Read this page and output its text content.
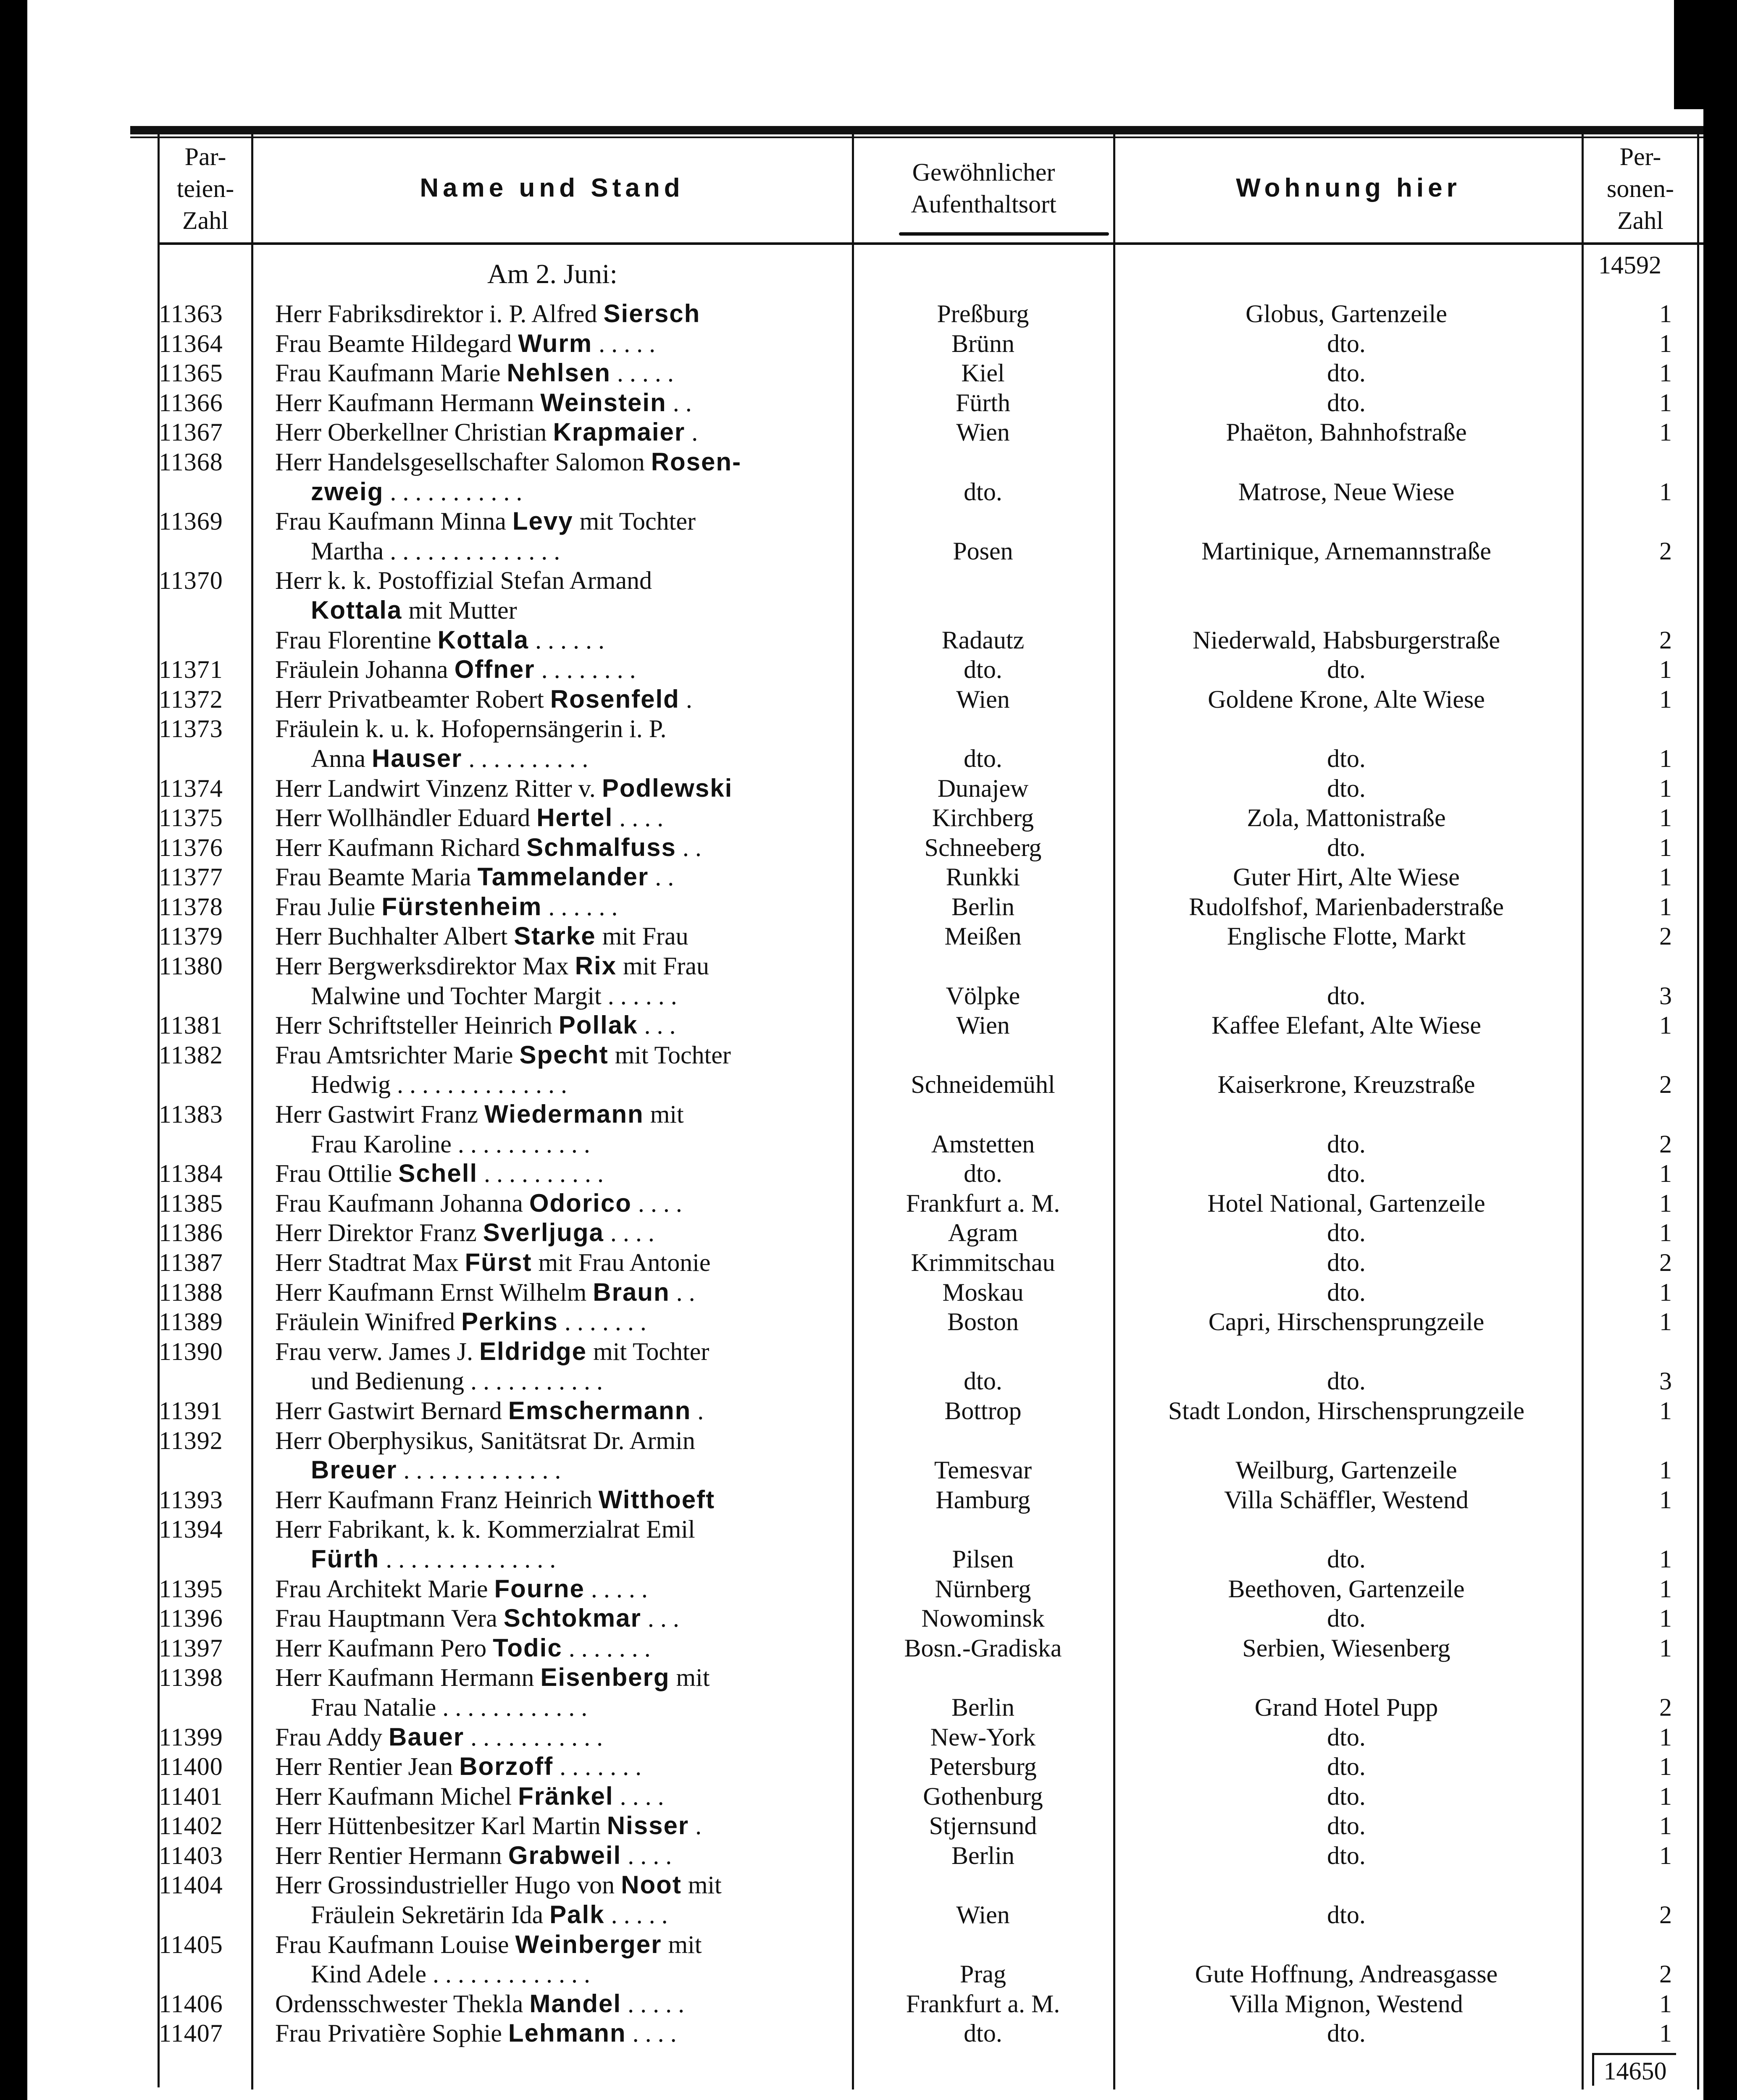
Par-
teien-
Zahl
Name und Stand
Gewöhnlicher
Aufenthaltsort
Wohnung hier
Per-
sonen-
Zahl
Am 2. Juni:	14592
11363	Herr Fabriksdirektor i. P. Alfred Siersch	Preßburg	Globus, Gartenzeile	1
11364	Frau Beamte Hildegard Wurm . . . . .	Brünn	dto.	1
11365	Frau Kaufmann Marie Nehlsen . . . . .	Kiel	dto.	1
11366	Herr Kaufmann Hermann Weinstein . .	Fürth	dto.	1
11367	Herr Oberkellner Christian Krapmaier .	Wien	Phaëton, Bahnhofstraße	1
11368	Herr Handelsgesellschafter Salomon Rosen-
zweig . . . . . . . . . . .	dto.	Matrose, Neue Wiese	1
11369	Frau Kaufmann Minna Levy mit Tochter
Martha . . . . . . . . . . . . . .	Posen	Martinique, Arnemannstraße	2
11370	Herr k. k. Postoffizial Stefan Armand
Kottala mit Mutter
Frau Florentine Kottala . . . . . .	Radautz	Niederwald, Habsburgerstraße	2
11371	Fräulein Johanna Offner . . . . . . . .	dto.	dto.	1
11372	Herr Privatbeamter Robert Rosenfeld .	Wien	Goldene Krone, Alte Wiese	1
11373	Fräulein k. u. k. Hofopernsängerin i. P.
Anna Hauser . . . . . . . . . .	dto.	dto.	1
11374	Herr Landwirt Vinzenz Ritter v. Podlewski	Dunajew	dto.	1
11375	Herr Wollhändler Eduard Hertel . . . .	Kirchberg	Zola, Mattonistraße	1
11376	Herr Kaufmann Richard Schmalfuss . .	Schneeberg	dto.	1
11377	Frau Beamte Maria Tammelander . .	Runkki	Guter Hirt, Alte Wiese	1
11378	Frau Julie Fürstenheim . . . . . .	Berlin	Rudolfshof, Marienbaderstraße	1
11379	Herr Buchhalter Albert Starke mit Frau	Meißen	Englische Flotte, Markt	2
11380	Herr Bergwerksdirektor Max Rix mit Frau
Malwine und Tochter Margit . . . . . .	Völpke	dto.	3
11381	Herr Schriftsteller Heinrich Pollak . . .	Wien	Kaffee Elefant, Alte Wiese	1
11382	Frau Amtsrichter Marie Specht mit Tochter
Hedwig . . . . . . . . . . . . . .	Schneidemühl	Kaiserkrone, Kreuzstraße	2
11383	Herr Gastwirt Franz Wiedermann mit
Frau Karoline . . . . . . . . . . .	Amstetten	dto.	2
11384	Frau Ottilie Schell . . . . . . . . . .	dto.	dto.	1
11385	Frau Kaufmann Johanna Odorico . . . .	Frankfurt a. M.	Hotel National, Gartenzeile	1
11386	Herr Direktor Franz Sverljuga . . . .	Agram	dto.	1
11387	Herr Stadtrat Max Fürst mit Frau Antonie	Krimmitschau	dto.	2
11388	Herr Kaufmann Ernst Wilhelm Braun . .	Moskau	dto.	1
11389	Fräulein Winifred Perkins . . . . . . .	Boston	Capri, Hirschensprungzeile	1
11390	Frau verw. James J. Eldridge mit Tochter
und Bedienung . . . . . . . . . . .	dto.	dto.	3
11391	Herr Gastwirt Bernard Emschermann .	Bottrop	Stadt London, Hirschensprungzeile	1
11392	Herr Oberphysikus, Sanitätsrat Dr. Armin
Breuer . . . . . . . . . . . . .	Temesvar	Weilburg, Gartenzeile	1
11393	Herr Kaufmann Franz Heinrich Witthoeft	Hamburg	Villa Schäffler, Westend	1
11394	Herr Fabrikant, k. k. Kommerzialrat Emil
Fürth . . . . . . . . . . . . . .	Pilsen	dto.	1
11395	Frau Architekt Marie Fourne . . . . .	Nürnberg	Beethoven, Gartenzeile	1
11396	Frau Hauptmann Vera Schtokmar . . .	Nowominsk	dto.	1
11397	Herr Kaufmann Pero Todic . . . . . . .	Bosn.-Gradiska	Serbien, Wiesenberg	1
11398	Herr Kaufmann Hermann Eisenberg mit
Frau Natalie . . . . . . . . . . . .	Berlin	Grand Hotel Pupp	2
11399	Frau Addy Bauer . . . . . . . . . . .	New-York	dto.	1
11400	Herr Rentier Jean Borzoff . . . . . . .	Petersburg	dto.	1
11401	Herr Kaufmann Michel Fränkel . . . .	Gothenburg	dto.	1
11402	Herr Hüttenbesitzer Karl Martin Nisser .	Stjernsund	dto.	1
11403	Herr Rentier Hermann Grabweil . . . .	Berlin	dto.	1
11404	Herr Grossindustrieller Hugo von Noot mit
Fräulein Sekretärin Ida Palk . . . . .	Wien	dto.	2
11405	Frau Kaufmann Louise Weinberger mit
Kind Adele . . . . . . . . . . . . .	Prag	Gute Hoffnung, Andreasgasse	2
11406	Ordensschwester Thekla Mandel . . . . .	Frankfurt a. M.	Villa Mignon, Westend	1
11407	Frau Privatière Sophie Lehmann . . . .	dto.	dto.	1
14650
